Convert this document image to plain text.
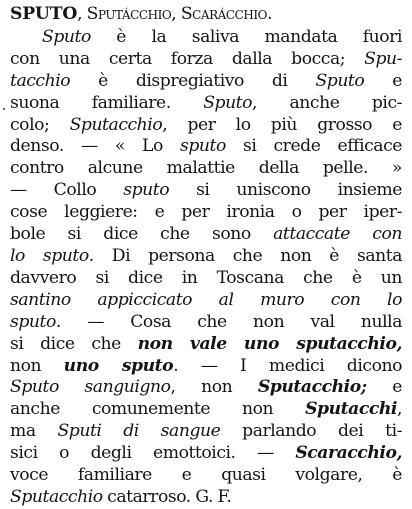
SPUTO, Sputácchio, Scarácchio.
Sputo è la saliva mandata fuori
con una certa forza dalla bocca; Spu-
tacchio è dispregiativo di Sputo e
suona familiare. Sputo, anche pic-
colo; Sputacchio, per lo più grosso e
denso. — « Lo sputo si crede efficace
contro alcune malattie della pelle. »
— Collo sputo si uniscono insieme
cose leggiere: e per ironia o per iper-
bole si dice che sono attaccate con
lo sputo. Di persona che non è santa
davvero si dice in Toscana che è un
santino appiccicato al muro con lo
sputo. — Cosa che non val nulla
si dice che non vale uno sputacchio,
non uno sputo. — I medici dicono
Sputo sanguigno, non Sputacchio; e
anche comunemente non Sputacchi,
ma Sputi di sangue parlando dei ti-
sici o degli emottoici. — Scaracchio,
voce familiare e quasi volgare, è
Sputacchio catarroso. G. F.
